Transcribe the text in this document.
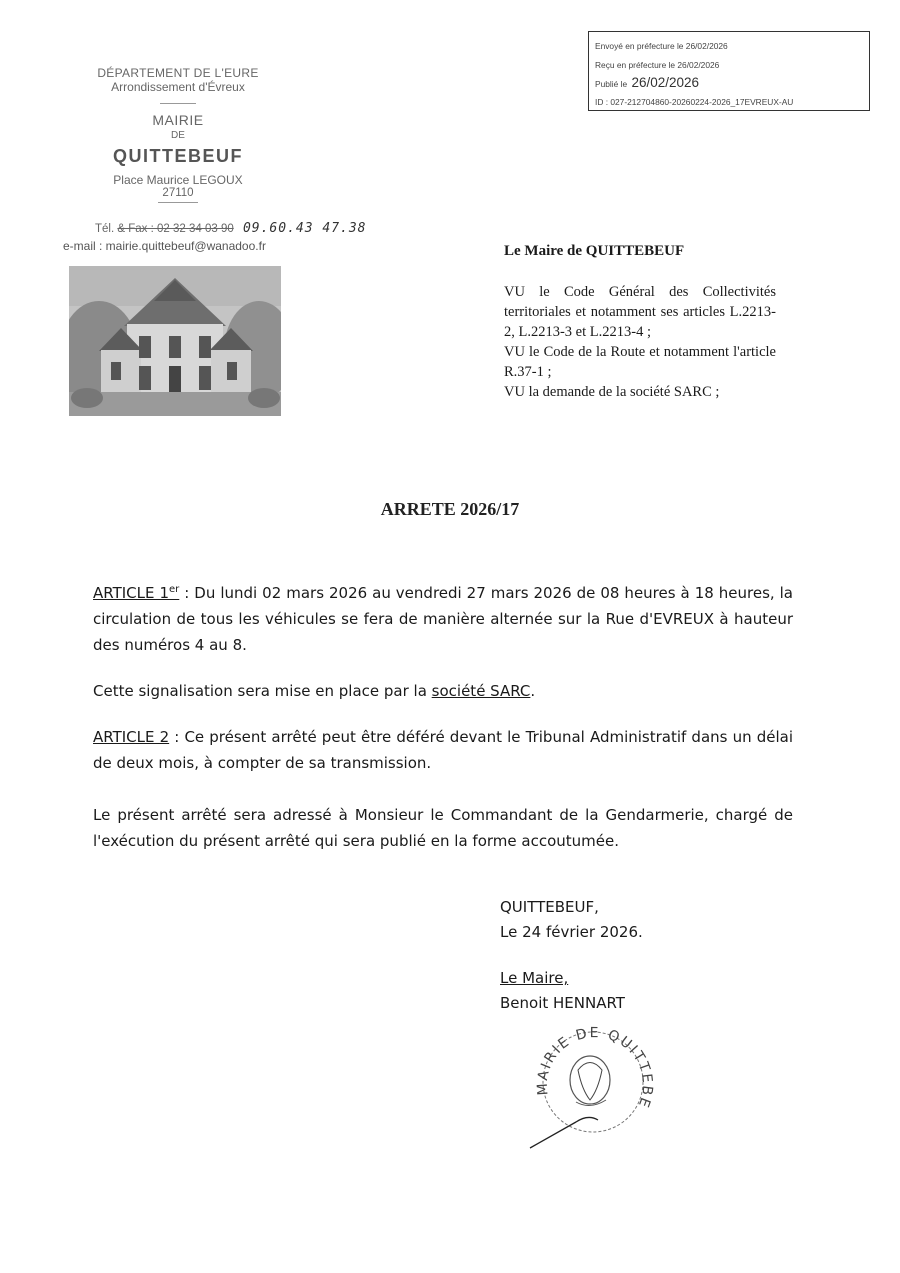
Envoyé en préfecture le 26/02/2026
Reçu en préfecture le 26/02/2026
Publié le 26/02/2026
ID : 027-212704860-20260224-2026_17EVREUX-AU
DÉPARTEMENT DE L'EURE
Arrondissement d'Évreux
MAIRIE
DE
QUITTEBEUF
Place Maurice LEGOUX
27110
Tél. & Fax : 02 32 34 03 90 09.60.43 47.38
e-mail : mairie.quittebeuf@wanadoo.fr	Le Maire de QUITTEBEUF

VU le Code Général des Collectivités territoriales et notamment ses articles L.2213-2, L.2213-3 et L.2213-4 ;

VU le Code de la Route et notamment l'article R.37-1 ;

VU la demande de la société SARC ;

ARRETE 2026/17
ARTICLE 1er : Du lundi 02 mars 2026 au vendredi 27 mars 2026 de 08 heures à 18 heures, la circulation de tous les véhicules se fera de manière alternée sur la Rue d'EVREUX à hauteur des numéros 4 au 8.
Cette signalisation sera mise en place par la société SARC.
ARTICLE 2 : Ce présent arrêté peut être déféré devant le Tribunal Administratif dans un délai de deux mois, à compter de sa transmission.
Le présent arrêté sera adressé à Monsieur le Commandant de la Gendarmerie, chargé de l'exécution du présent arrêté qui sera publié en la forme accoutumée.
QUITTEBEUF,
Le 24 février 2026.
Le Maire,
Benoit HENNART
MAIRIE DE QUITTEBE
